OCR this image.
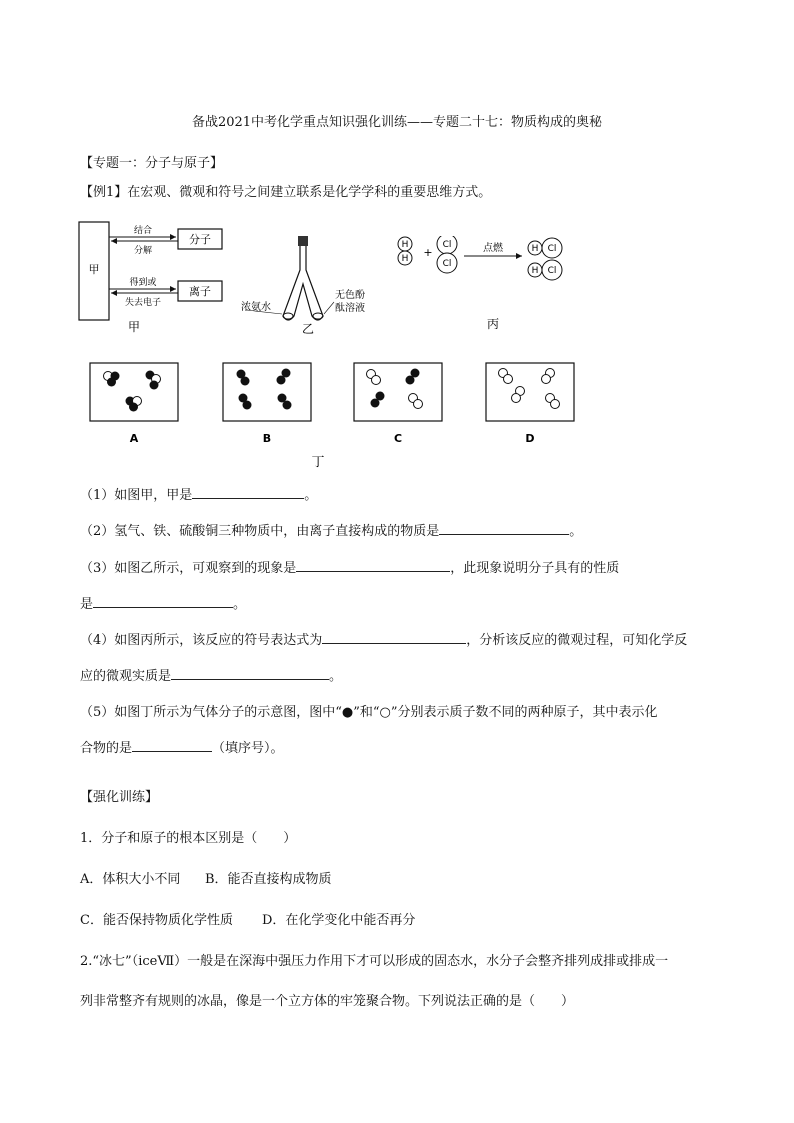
备战2021中考化学重点知识强化训练——专题二十七：物质构成的奥秘
【专题一：分子与原子】
【例1】在宏观、微观和符号之间建立联系是化学学科的重要思维方式。
甲
分子
离子
结合
分解
得到或
失去电子
甲
浓氨水
无色酚
酞溶液
乙
H
H +
Cl
Cl
点燃	H Cl
H Cl
丙
A	B	C	D
丁
（1）如图甲，甲是	。
（2）氢气、铁、硫酸铜三种物质中，由离子直接构成的物质是	。
（3）如图乙所示，可观察到的现象是	，此现象说明分子具有的性质
是	。
（4）如图丙所示，该反应的符号表达式为	，分析该反应的微观过程，可知化学反
应的微观实质是	。
（5）如图丁所示为气体分子的示意图，图中“●”和“○”分别表示质子数不同的两种原子，其中表示化
合物的是	（填序号）。
【强化训练】
1．分子和原子的根本区别是（　　）
A．体积大小不同 B．能否直接构成物质
C．能否保持物质化学性质 D．在化学变化中能否再分
2.“冰七”（iceⅦ）一般是在深海中强压力作用下才可以形成的固态水，水分子会整齐排列成排或排成一
列非常整齐有规则的冰晶，像是一个立方体的牢笼聚合物。下列说法正确的是（　　）
